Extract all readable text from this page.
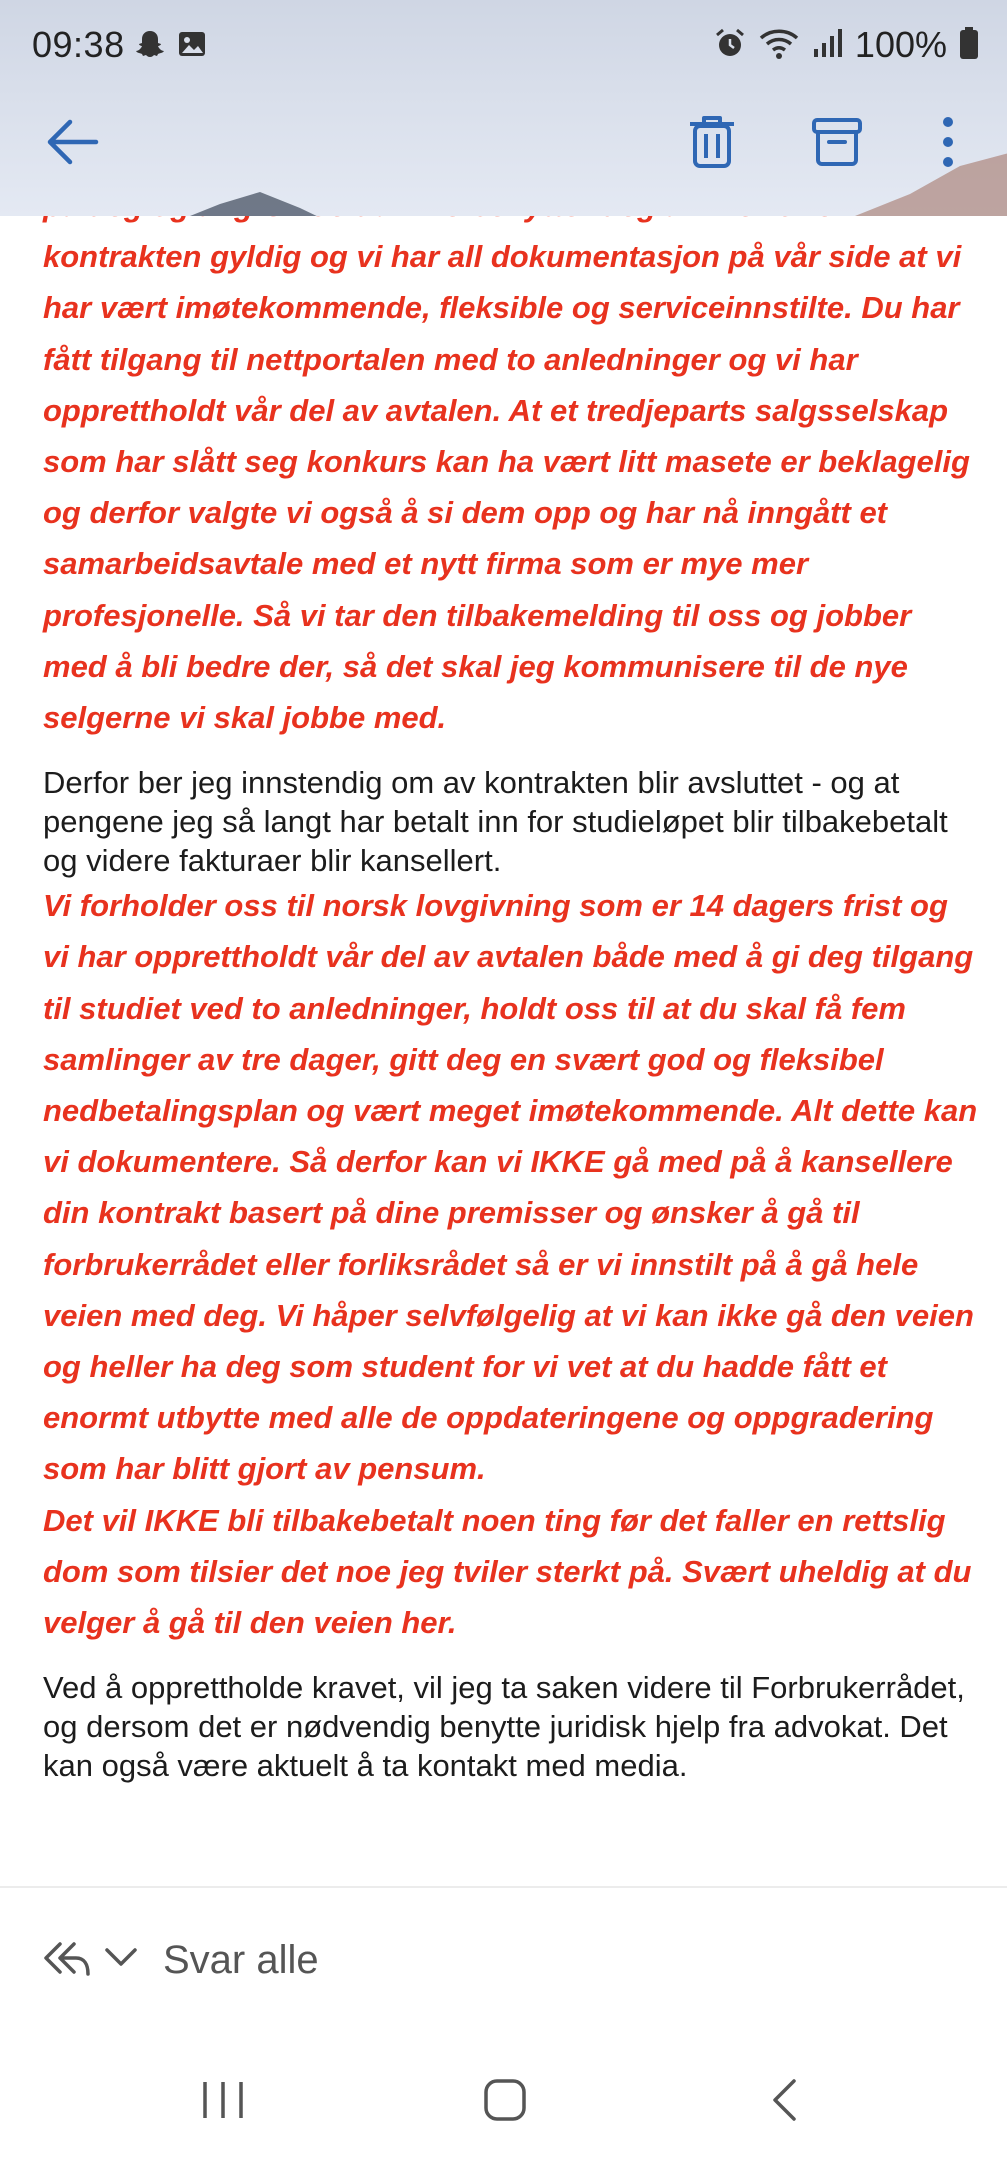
09:38	100%

kontrakten gyldig og vi har all dokumentasjon på vår side at vi har vært imøtekommende, fleksible og serviceinnstilte. Du har fått tilgang til nettportalen med to anledninger og vi har opprettholdt vår del av avtalen. At et tredjeparts salgsselskap som har slått seg konkurs kan ha vært litt masete er beklagelig og derfor valgte vi også å si dem opp og har nå inngått et samarbeidsavtale med et nytt firma som er mye mer profesjonelle. Så vi tar den tilbakemelding til oss og jobber med å bli bedre der, så det skal jeg kommunisere til de nye selgerne vi skal jobbe med.

Derfor ber jeg innstendig om av kontrakten blir avsluttet - og at pengene jeg så langt har betalt inn for studieløpet blir tilbakebetalt og videre fakturaer blir kansellert.

Vi forholder oss til norsk lovgivning som er 14 dagers frist og vi har opprettholdt vår del av avtalen både med å gi deg tilgang til studiet ved to anledninger, holdt oss til at du skal få fem samlinger av tre dager, gitt deg en svært god og fleksibel nedbetalingsplan og vært meget imøtekommende. Alt dette kan vi dokumentere. Så derfor kan vi IKKE gå med på å kansellere din kontrakt basert på dine premisser og ønsker å gå til forbrukerrådet eller forliksrådet så er vi innstilt på å gå hele veien med deg. Vi håper selvfølgelig at vi kan ikke gå den veien og heller ha deg som student for vi vet at du hadde fått et enormt utbytte med alle de oppdateringene og oppgradering som har blitt gjort av pensum.

Det vil IKKE bli tilbakebetalt noen ting før det faller en rettslig dom som tilsier det noe jeg tviler sterkt på. Svært uheldig at du velger å gå til den veien her.

Ved å opprettholde kravet, vil jeg ta saken videre til Forbrukerrådet, og dersom det er nødvendig benytte juridisk hjelp fra advokat. Det kan også være aktuelt å ta kontakt med media.

Svar alle
